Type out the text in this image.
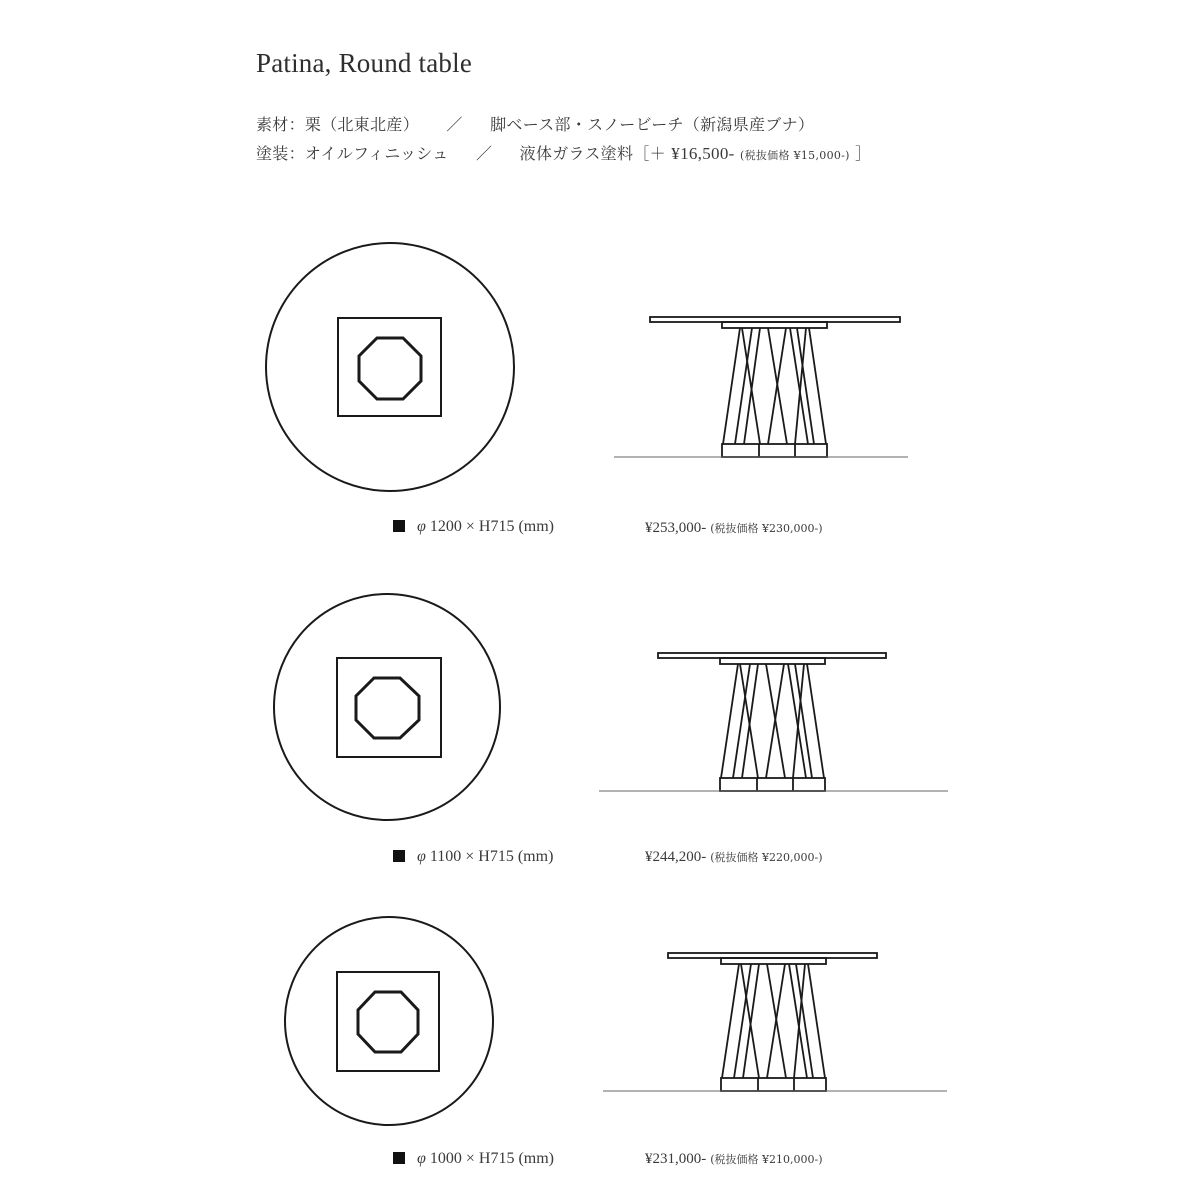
Patina, Round table
素材：栗（北東北産） ／ 脚ベース部・スノービーチ（新潟県産ブナ）
塗装：オイルフィニッシュ ／ 液体ガラス塗料［＋ ¥16,500- (税抜価格 ¥15,000-) ］
φ 1200 × H715 (mm)	¥253,000- (税抜価格 ¥230,000-)
φ 1100 × H715 (mm)	¥244,200- (税抜価格 ¥220,000-)
φ 1000 × H715 (mm)	¥231,000- (税抜価格 ¥210,000-)
